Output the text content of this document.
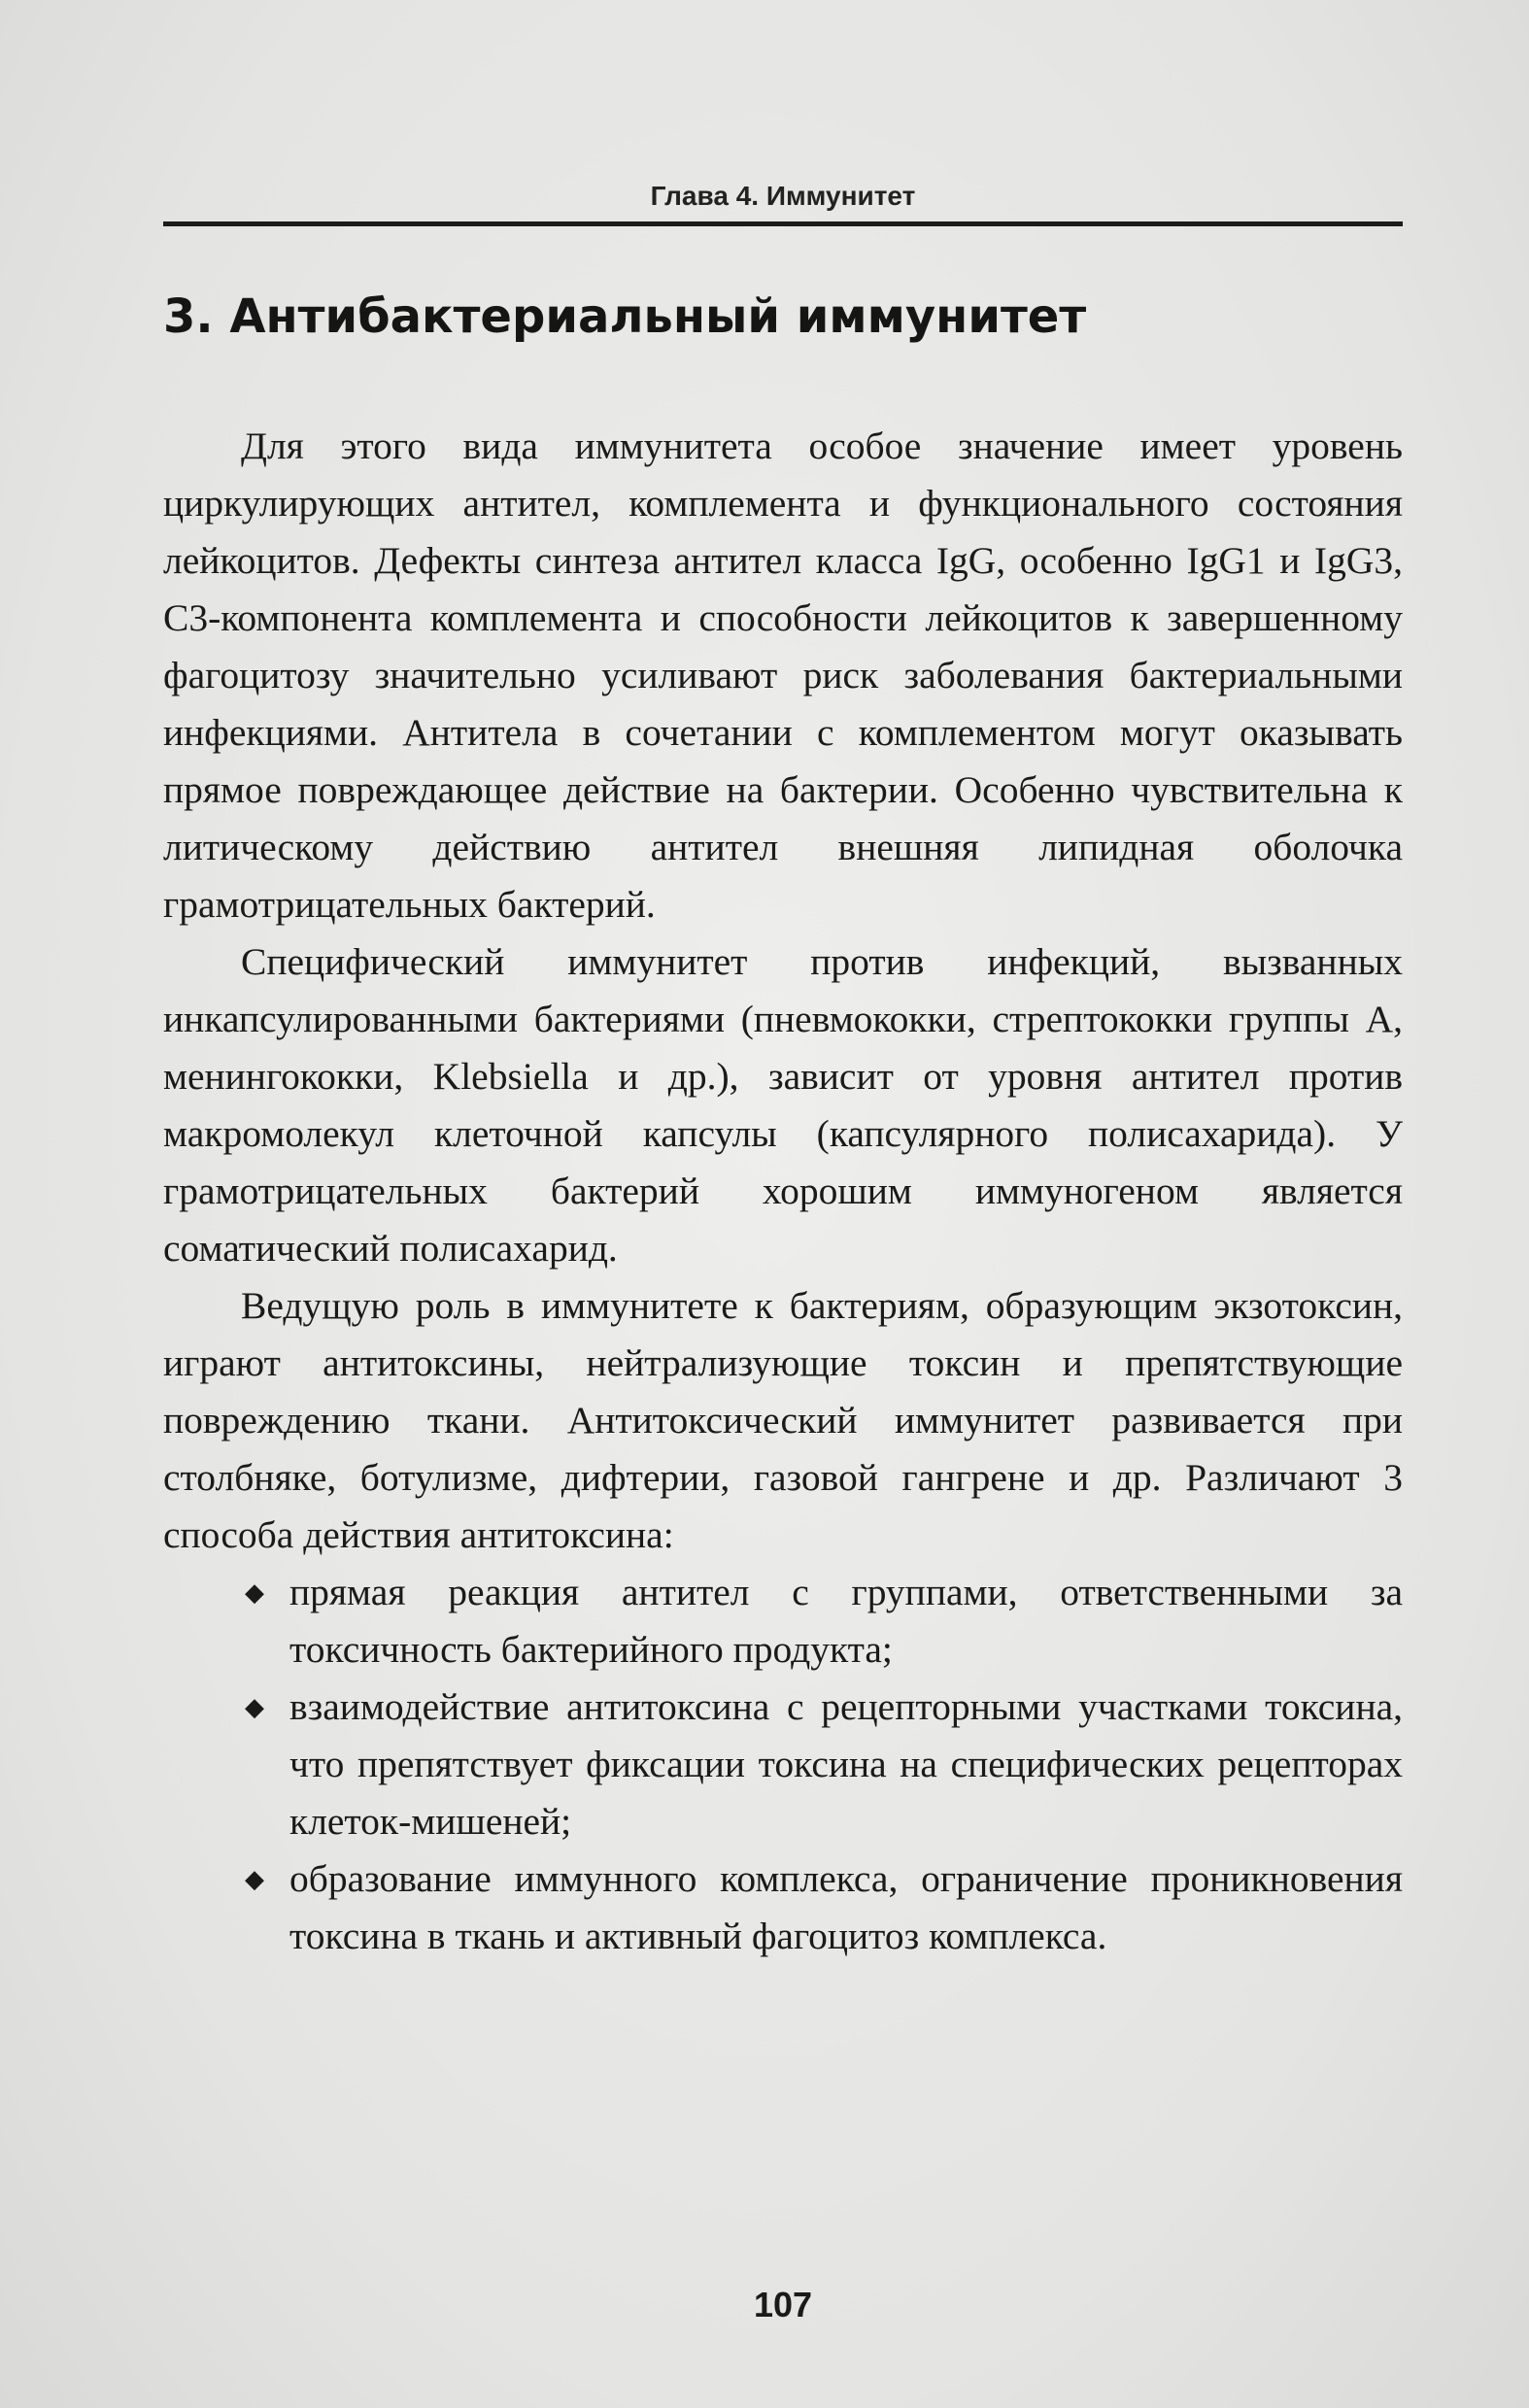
Глава 4. Иммунитет
3. Антибактериальный иммунитет

Для этого вида иммунитета особое значение имеет уровень циркулирующих антител, комплемента и функционального состояния лейкоцитов. Дефекты синтеза антител класса IgG, особенно IgG1 и IgG3, С3-компонента комплемента и способности лейкоцитов к завершенному фагоцитозу значительно усиливают риск заболевания бактериальными инфекциями. Антитела в сочетании с комплементом могут оказывать прямое повреждающее действие на бактерии. Особенно чувствительна к литическому действию антител внешняя липидная оболочка грамотрицательных бактерий.

Специфический иммунитет против инфекций, вызванных инкапсулированными бактериями (пневмококки, стрептококки группы А, менингококки, Klebsiella и др.), зависит от уровня антител против макромолекул клеточной капсулы (капсулярного полисахарида). У грамотрицательных бактерий хорошим иммуногеном является соматический полисахарид.

Ведущую роль в иммунитете к бактериям, образующим экзотоксин, играют антитоксины, нейтрализующие токсин и препятствующие повреждению ткани. Антитоксический иммунитет развивается при столбняке, ботулизме, дифтерии, газовой гангрене и др. Различают 3 способа действия антитоксина:

◆ прямая реакция антител с группами, ответственными за токсичность бактерийного продукта;
◆ взаимодействие антитоксина с рецепторными участками токсина, что препятствует фиксации токсина на специфических рецепторах клеток-мишеней;
◆ образование иммунного комплекса, ограничение проникновения токсина в ткань и активный фагоцитоз комплекса.
107
